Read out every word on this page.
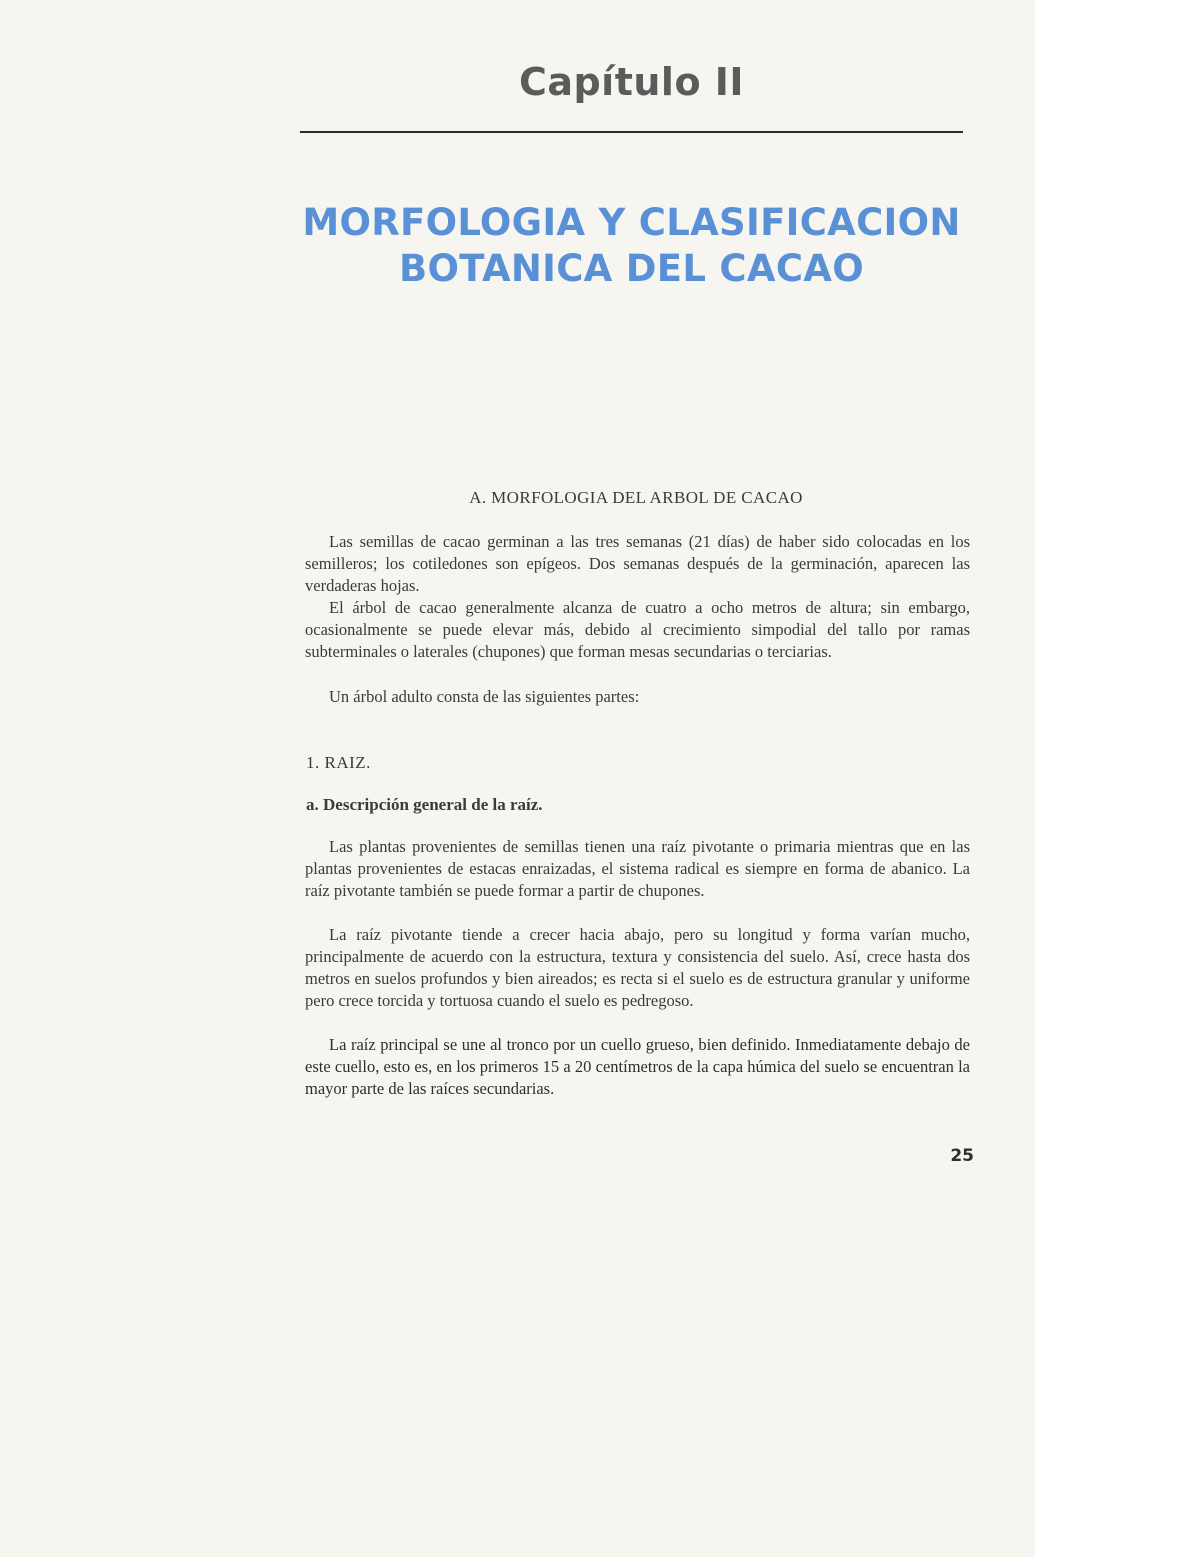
Capítulo II
MORFOLOGIA Y CLASIFICACION
BOTANICA DEL CACAO
A. MORFOLOGIA DEL ARBOL DE CACAO

Las semillas de cacao germinan a las tres semanas (21 días) de haber sido colocadas en los semilleros; los cotiledones son epígeos. Dos semanas después de la germinación, aparecen las verdaderas hojas.

El árbol de cacao generalmente alcanza de cuatro a ocho metros de altura; sin embargo, ocasionalmente se puede elevar más, debido al crecimiento simpodial del tallo por ramas subterminales o laterales (chupones) que forman mesas secundarias o terciarias.

Un árbol adulto consta de las siguientes partes:

1. RAIZ.
a. Descripción general de la raíz.

Las plantas provenientes de semillas tienen una raíz pivotante o primaria mientras que en las plantas provenientes de estacas enraizadas, el sistema radical es siempre en forma de abanico. La raíz pivotante también se puede formar a partir de chupones.

La raíz pivotante tiende a crecer hacia abajo, pero su longitud y forma varían mucho, principalmente de acuerdo con la estructura, textura y consistencia del suelo. Así, crece hasta dos metros en suelos profundos y bien aireados; es recta si el suelo es de estructura granular y uniforme pero crece torcida y tortuosa cuando el suelo es pedregoso.

La raíz principal se une al tronco por un cuello grueso, bien definido. Inmediatamente debajo de este cuello, esto es, en los primeros 15 a 20 centímetros de la capa húmica del suelo se encuentran la mayor parte de las raíces secundarias.

25
